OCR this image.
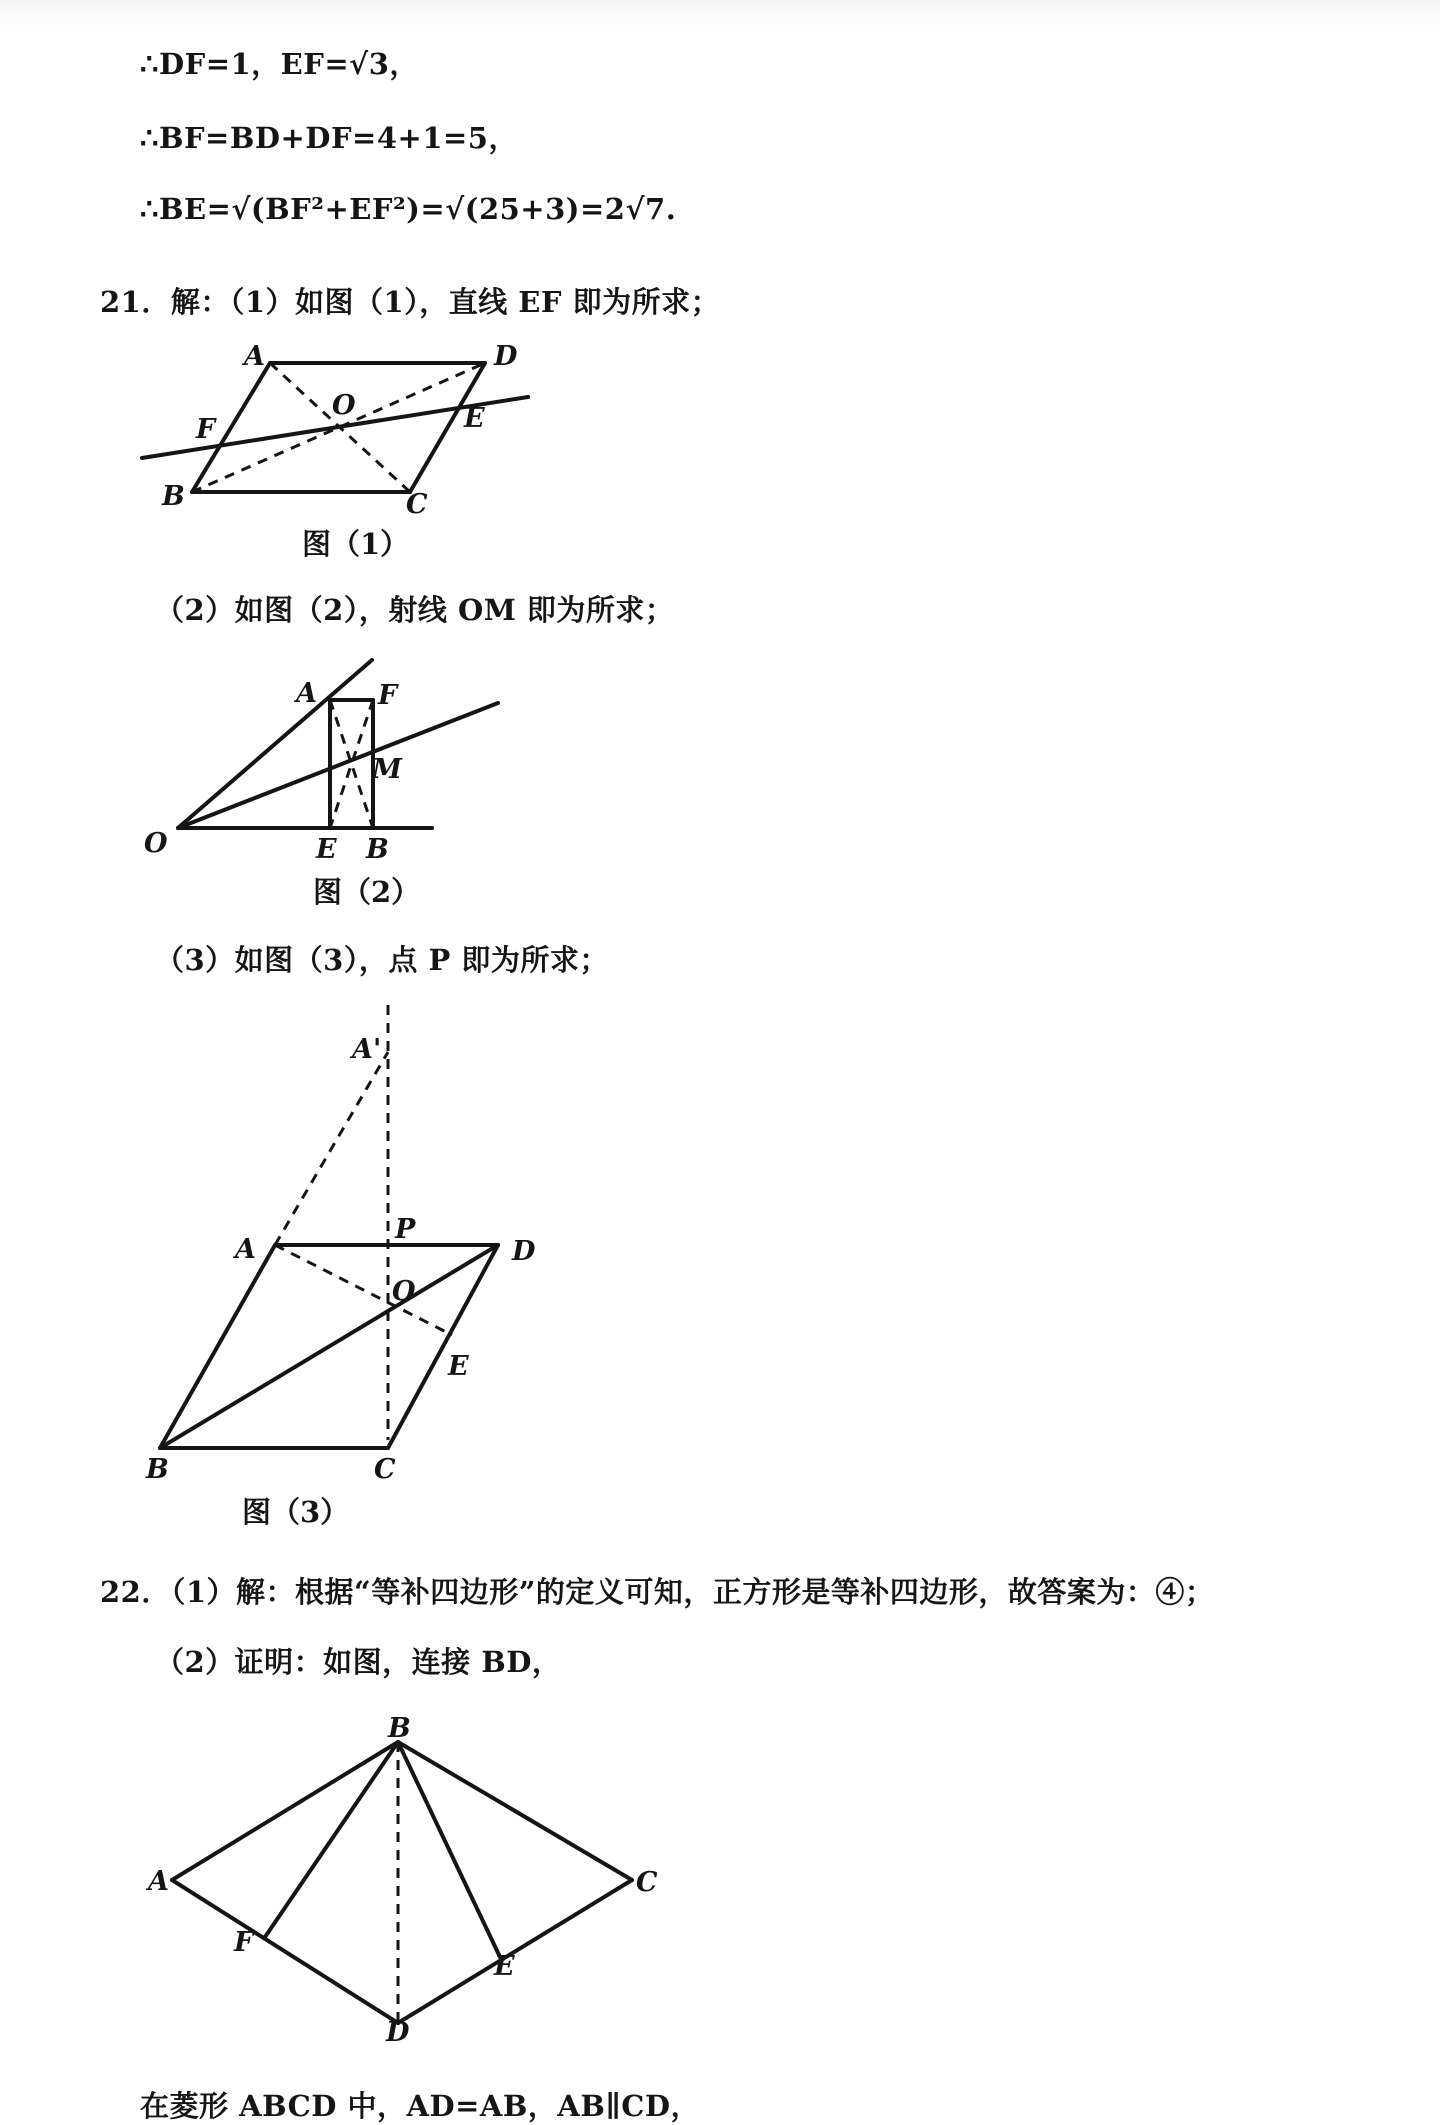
∴DF=1，EF=√3，
∴BF=BD+DF=4+1=5，
∴BE=√(BF²+EF²)=√(25+3)=2√7.
21．解：（1）如图（1），直线 EF 即为所求；
A	D
O	E
F
B	C
图（1）
（2）如图（2），射线 OM 即为所求；
A F
M
O	E B
图（2）
（3）如图（3），点 P 即为所求；
A'
P
A	D
O
E
B	C
图（3）
22．（1）解：根据“等补四边形”的定义可知，正方形是等补四边形，故答案为：④；
（2）证明：如图，连接 BD，
B
A	C
F
E
D
在菱形 ABCD 中，AD=AB，AB∥CD，
